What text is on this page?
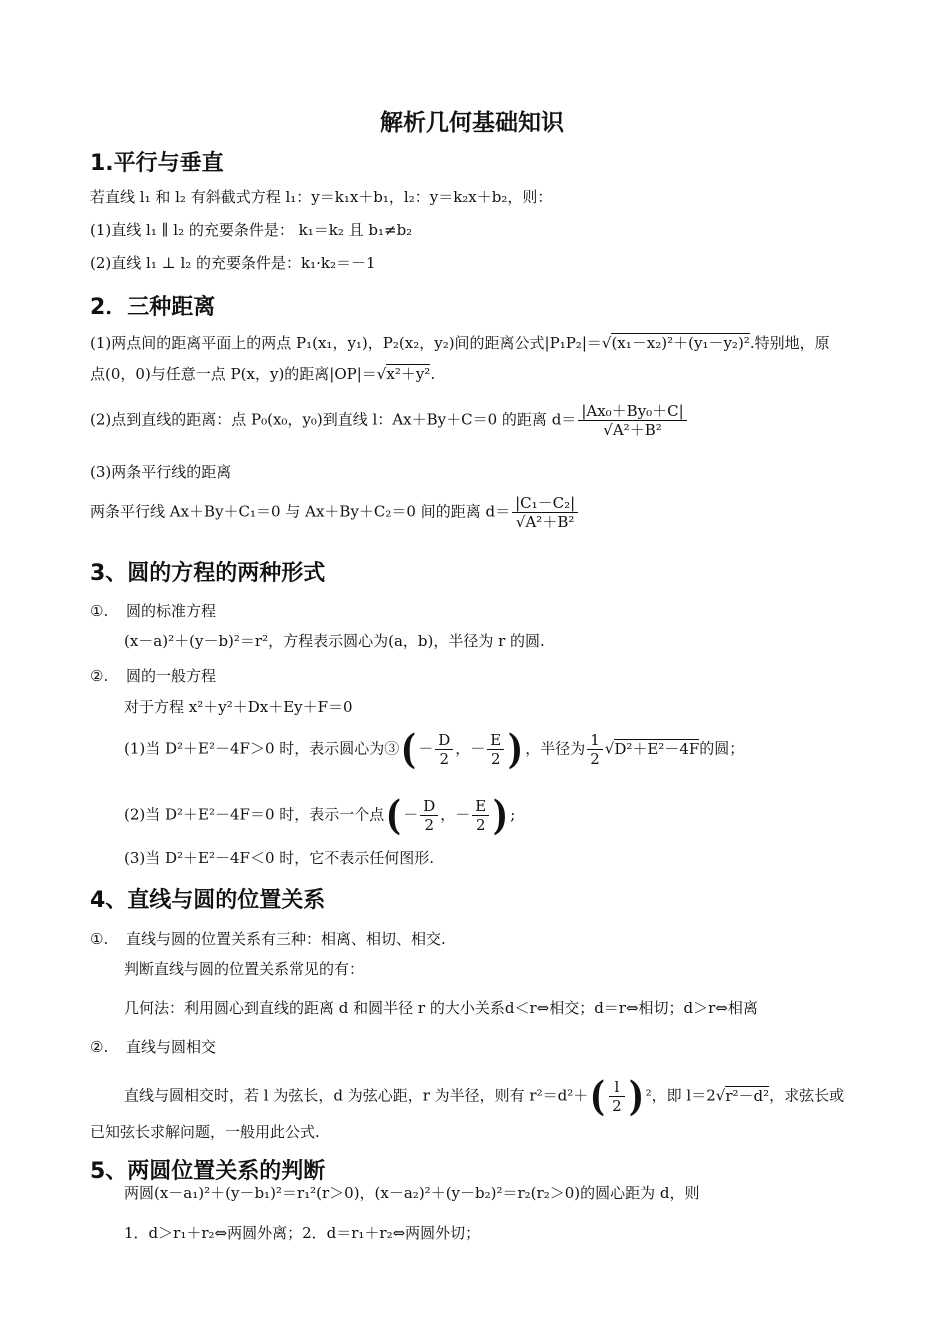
解析几何基础知识
1.平行与垂直
若直线 l₁ 和 l₂ 有斜截式方程 l₁：y＝k₁x＋b₁，l₂：y＝k₂x＋b₂，则：
(1)直线 l₁ ∥ l₂ 的充要条件是： k₁＝k₂ 且 b₁≠b₂
(2)直线 l₁ ⊥ l₂ 的充要条件是：k₁·k₂＝－1
2．三种距离
(1)两点间的距离平面上的两点 P₁(x₁，y₁)，P₂(x₂，y₂)间的距离公式|P₁P₂|＝√(x₁－x₂)²＋(y₁－y₂)².特别地，原
点(0，0)与任意一点 P(x，y)的距离|OP|＝√x²＋y².
(2)点到直线的距离：点 P₀(x₀，y₀)到直线 l：Ax＋By＋C＝0 的距离 $d= \frac{\text{|Ax₀＋By₀＋C|}}{\text{√A²＋B²}}$
(3)两条平行线的距离
两条平行线 Ax＋By＋C₁＝0 与 Ax＋By＋C₂＝0 间的距离 $d= \frac{\text{|C₁－C₂|}}{\text{√A²＋B²}}$
3、圆的方程的两种形式
①. 圆的标准方程
(x－a)²＋(y－b)²＝r²，方程表示圆心为(a，b)，半径为 r 的圆.
②. 圆的一般方程
对于方程 x²＋y²＋Dx＋Ey＋F＝0
(1)当 D²＋E²－4F＞0 时，表示圆心为③( － $\frac{D}{2}$ ，－ $\frac{E}{2}$ ) ，半径为 $\frac{1}{2} √D^2+E^2-4F$的圆；
(2)当 D²＋E²－4F＝0 时，表示一个点( － $\frac{D}{2}$ ，－ $\frac{E}{2}$ ) ;
(3)当 D²＋E²－4F＜0 时，它不表示任何图形.
4、直线与圆的位置关系
①. 直线与圆的位置关系有三种：相离、相切、相交.
判断直线与圆的位置关系常见的有：
几何法：利用圆心到直线的距离 d 和圆半径 r 的大小关系d＜r⇔相交；d＝r⇔相切；d＞r⇔相离
②. 直线与圆相交
直线与圆相交时，若 l 为弦长，d 为弦心距，r 为半径，则有 $r^2=d^2+( \frac{l}{2}$ ) ²，即 l＝2√r²－d²，求弦长或
已知弦长求解问题，一般用此公式.
5、两圆位置关系的判断
两圆(x－a₁)²＋(y－b₁)²＝r₁²(r＞0)，(x－a₂)²＋(y－b₂)²＝r₂(r₂＞0)的圆心距为 d，则
1．d＞r₁＋r₂⇔两圆外离；2．d＝r₁＋r₂⇔两圆外切；
